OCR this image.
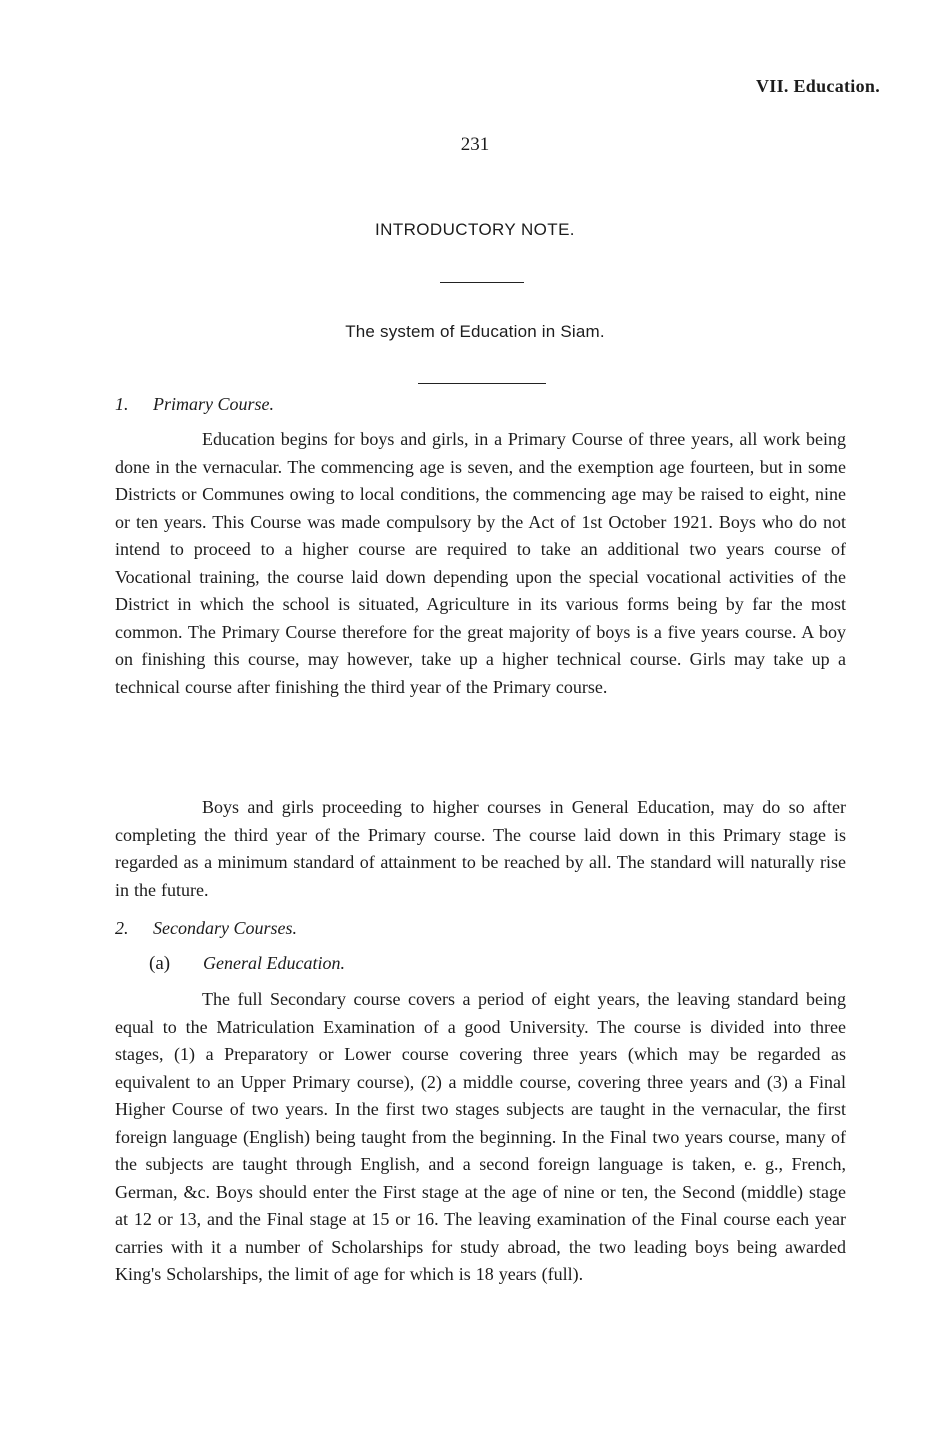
VII. Education.
231
INTRODUCTORY NOTE.
The system of Education in Siam.
1. Primary Course.

Education begins for boys and girls, in a Primary Course of three years, all work being done in the vernacular. The commencing age is seven, and the exemption age fourteen, but in some Districts or Communes owing to local conditions, the commencing age may be raised to eight, nine or ten years. This Course was made compulsory by the Act of 1st October 1921. Boys who do not intend to proceed to a higher course are required to take an additional two years course of Vocational training, the course laid down depending upon the special vocational activities of the District in which the school is situated, Agriculture in its various forms being by far the most common. The Primary Course therefore for the great majority of boys is a five years course. A boy on finishing this course, may however, take up a higher technical course. Girls may take up a technical course after finishing the third year of the Primary course.

Boys and girls proceeding to higher courses in General Education, may do so after completing the third year of the Primary course. The course laid down in this Primary stage is regarded as a minimum standard of attainment to be reached by all. The standard will naturally rise in the future.

2. Secondary Courses.
(a) General Education.

The full Secondary course covers a period of eight years, the leaving standard being equal to the Matriculation Examination of a good University. The course is divided into three stages, (1) a Preparatory or Lower course covering three years (which may be regarded as equivalent to an Upper Primary course), (2) a middle course, covering three years and (3) a Final Higher Course of two years. In the first two stages subjects are taught in the vernacular, the first foreign language (English) being taught from the beginning. In the Final two years course, many of the subjects are taught through English, and a second foreign language is taken, e. g., French, German, &c. Boys should enter the First stage at the age of nine or ten, the Second (middle) stage at 12 or 13, and the Final stage at 15 or 16. The leaving examination of the Final course each year carries with it a number of Scholarships for study abroad, the two leading boys being awarded King's Scholarships, the limit of age for which is 18 years (full).
